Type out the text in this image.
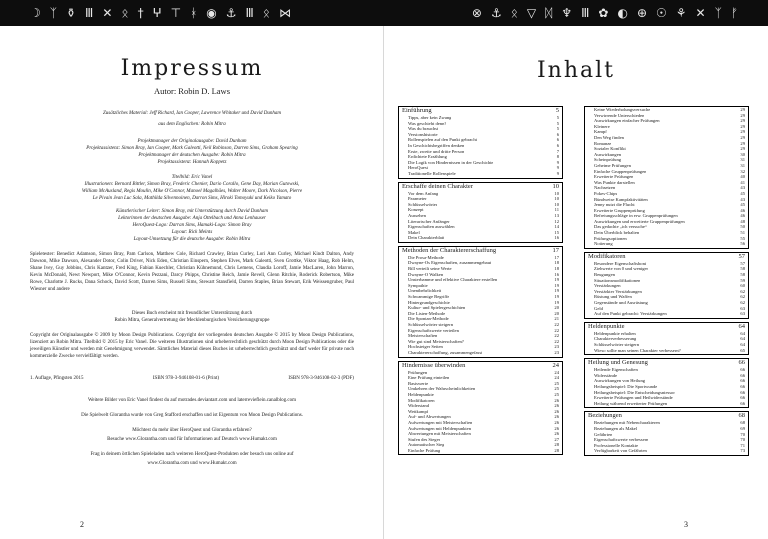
☽ ᛉ ⚱ Ⅲ ✕ ᛟ † ⵖ ⊤ ᚼ ◉ ⚓ Ⅲ ᛟ ⋈	⊗ ⚓ ᛟ ▽ ᛞ ♆ Ⅲ ✿ ◐ ⊕ ☉ ⚘ ✕ ᛉ ᚠ
Impressum
Autor: Robin D. Laws
Zusätzliches Material: Jeff Richard, Ian Cooper, Lawrence Whitaker und David Dunham
aus dem Englischen: Robin Mitra
Projektmanager der Originalausgabe: David Dunham
Projektassistenz: Simon Bray, Ian Cooper, Mark Galeotti, Neil Robinson, Darren Sims, Graham Spearing
Projektmanager der deutschen Ausgabe: Robin Mitra
Projektassistenz: Hannah Koppetz
Titelbild: Eric Vanel
Illustrationen: Bernard Bittler, Simon Bray, Frederic Chenier, Dario Corallo, Gene Day, Marian Gutowski,
William McAusland, Regis Moulin, Mike O'Connor, Manoel Magalhães, Walter Moore, Dark Nicolson, Pierre
Le Pivain Jean Luc Sala, Mathilda Silvennoinen, Darron Sims, Hiroki Tomoyuki und Keiko Yamato
Künstlerischer Leiter: Simon Bray, mit Unterstützung durch David Dunham
Lektorinnen der deutschen Ausgabe: Anja Ottelbach und Anna Lenhauser
HeroQuest-Logo: Darran Sims, Hamaki-Logo: Simon Bray
Layout: Rick Meints
Layout-Umsetzung für die deutsche Ausgabe: Robin Mitra
Spieletester: Benedict Adamson, Simon Bray, Pam Carlson, Matthew Cole, Richard Crawley, Brian Curley, Lori Ann Curley, Michael Kindt Dalton, Andy Dawson, Mike Dawson, Alexander Dotor, Colin Driver, Nick Eden, Christian Einspern, Stephen Elves, Mark Galeotti, Sven Grottke, Viktor Haag, Rob Helm, Shane Ivey, Guy Jobbins, Chris Kantzer, Fred King, Fabian Kuechler, Christian Kühnemund, Chris Lemens, Claudia Loroff, Jamie MacLaren, John Marron, Kevin McDonald, Newt Newport, Mike O'Connor, Kevin Pezzani, Darcy Phipps, Christine Reich, Jamie Revell, Glenn Ritchie, Roderick Robertson, Mike Rowe, Charlotte J. Rucks, Dana Schock, David Scott, Darren Sims, Russell Sims, Stewart Stansfield, Darren Staples, Brian Stewart, Erik Weissengruber, Paul Wiesner und andere
Dieses Buch erscheint mit freundlicher Unterstützung durch
Robin Mitra, Generalvertretung der Mecklenburgischen Versicherungsgruppe
Copyright der Originalausgabe © 2009 by Moon Design Publications. Copyright der vorliegenden deutschen Ausgabe © 2015 by Moon Design Publications, lizenziert an Robin Mitra. Titelbild © 2015 by Eric Vanel. Die weiteren Illustrationen sind urheberrechtlich geschützt durch Moon Design Publications oder die jeweiligen Künstler und werden mit Genehmigung verwendet. Sämtliches Material dieses Buches ist urheberrechtlich geschützt und darf weder für private noch kommerzielle Zwecke vervielfältigt werden.
1. Auflage, Pfingsten 2015	ISBN 978-3-946108-01-6 (Print)	ISBN 978-3-946108-02-3 (PDF)
Weitere Bilder von Eric Vanel findest du auf motrades.deviantart.com und laterrevieflein.canalblog.com
Die Spielwelt Glorantha wurde von Greg Stafford erschaffen und ist Eigentum von Moon Design Publications.
Möchtest du mehr über HeroQuest und Glorantha erfahren?
Besuche www.Glorantha.com und für Informationen auf Deutsch www.Humakt.com
Frag in deinem örtlichen Spieleladen nach weiteren HeroQuest-Produkten oder besuch uns online auf
www.Glorantha.com und www.Humakt.com
2
Inhalt
Einführung	5
Tipps, aber kein Zwang	5
Was geschieht denn?	5
Was du brauchst	5
Versionshistorie	6
Rollenspielen auf den Punkt gebracht	6
In Geschichtsbegriffen denken	6
Erste, zweite und dritte Person	7
Erdichtete Erzählung	8
Die Logik von Hindernissen in der Geschichte	9
HeroQuest	9
Traditionelle Rollenspiele	9
Erschaffe deinen Charakter	10
Vor dem Anfang	10
Parameter	10
Schlüsselwörter	10
Konzept	11
Aussehen	13
Literarischer Anfänger	12
Eigenschaften auswählen	14
Makel	15
Dein Charakterblatt	16
Methoden der Charaktererschaffung	17
Die Prosa-Methode	17
Dwayne-Os Eigenschaften, zusammengebaut	18
Bill verteilt seine Werte	18
Dwayne-O Walken	16
Unsterbamme und effektive Charaktere erstellen	19
Sympathie	19
Unentbehrlichkeit	19
Schwammige Begriffe	19
Hintergrundgeschichte	19
Kultur- und Spielergeschichten	20
Die Listen-Methode	20
Die Spontan-Methode	21
Schlüsselwörter steigern	22
Eigenschaftswerte verteilen	22
Meisterschaften	22
Wie gut sind Meisterschaften?	22
Hochsteiger Seiten	23
Charaktererschaffung, zusammengefasst	23
Hindernisse überwinden	24
Prüfungen	24
Eine Prüfung einteilen	24
Basiswerte	25
Umkehren der Wahrscheinlichkeiten	25
Heldenpunkte	25
Modifikatoren	26
Widerstand	26
Wettkampf	26
Auf- und Abwertungen	26
Aufwertungen mit Meisterschaften	26
Aufwertungen mit Heldenpunkten	26
Abwertungen mit Meisterschaften	26
Stufen des Sieges	27
Automatischer Sieg	28
Einfache Prüfung	28
Keine Wiederholungsversuche	29
Verwirrende Unterschieden	29
Auswirkungen einfacher Prüfungen	29
Kleinere	29
Kampf	29
Den Weg finden	29
Romanze	29
Sozialer Konflikt	29
Auswirkungen	30
Scheinprüfung	31
Geheime Prüfungen	31
Einfache Gruppenprüfungen	32
Erweiterte Prüfungen	40
Was Punkte darstellen	41
Nachsetzen	43
Pokes-Chips	45
Bündweise Kampfaktivitäten	43
Jenny nutzt die Flucht	45
Erweiterte Gruppenprüfung	46
Befreiungsschläge in erw. Gruppenprüfungen	46
Auswirkungen und erweiterte Gruppenprüfungen	48
Das gedachte „ich versuche“	50
Dein Überblick behalten	51
Prüfungsoptionen	55
Notierung	56
Modifikatoren	57
Besondere Eigenschaftsboni	57
Ziehwerte von 0 und weniger	58
Beugungen	58
Situationsmodifikationen	59
Verstärkungen	60
Verstärkter Verstärkungen	62
Rüstung und Waffen	62
Gegenstände und Ausrüstung	62
Geld	63
Auf den Punkt gebracht: Verstärkungen	63
Heldenpunkte	64
Heldenpunkte erhalten	64
Charakterverbesserung	64
Schlüsselwörter steigern	64
Wieso sollte man seinen Charakter verbessern?	65
Heilung und Genesung	66
Heilende Eigenschaften	66
Widerstände	66
Auswirkungen von Heilung	66
Heilungsbeispiel: Die Sportwunde	66
Heilungsbeispiel: Die Entscheidungsniessor	66
Erweiterte Prüfungen und Heilwiderstände	66
Heilung während erweiterter Prüfungen	66
Beziehungen	68
Beziehungen mit Nebencharakteren	68
Beziehungen als Makel	69
Gefährten	70
Eigenschaftswerte verbessern	70
Professionelle Kontakte	71
Verfügbarkeit von Gefährten	73
3
